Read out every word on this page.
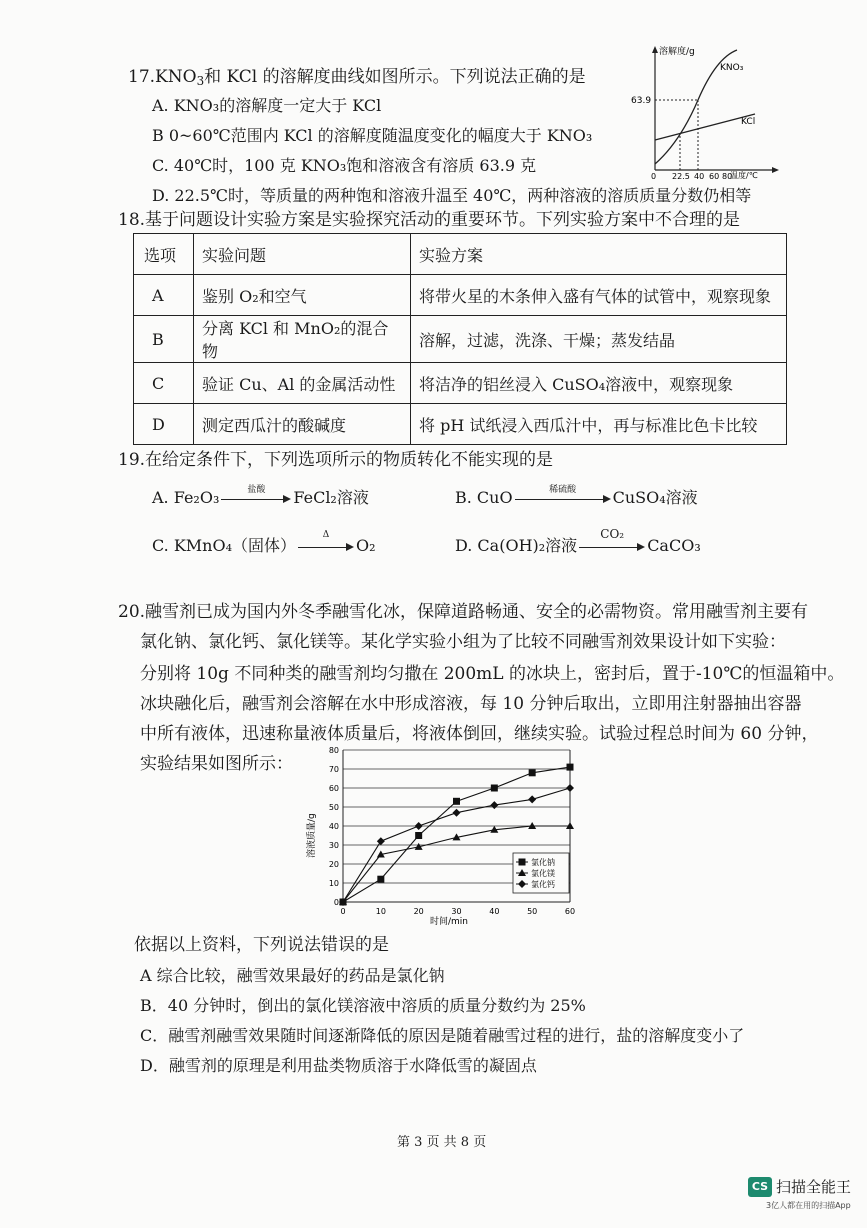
$17.KNO_3$和 KCl 的溶解度曲线如图所示。下列说法正确的是
A. KNO₃的溶解度一定大于 KCl
B 0~60℃范围内 KCl 的溶解度随温度变化的幅度大于 KNO₃
C. 40℃时，100 克 KNO₃饱和溶液含有溶质 63.9 克
D. 22.5℃时，等质量的两种饱和溶液升温至 40℃，两种溶液的溶质质量分数仍相等
溶解度/g
温度/℃
63.9
KNO₃
KCl
0 22.5 40 60 80
18.基于问题设计实验方案是实验探究活动的重要环节。下列实验方案中不合理的是
选项	实验问题	实验方案
A	鉴别 O₂和空气	将带火星的木条伸入盛有气体的试管中，观察现象
B	分离 KCl 和 MnO₂的混合物	溶解，过滤，洗涤、干燥；蒸发结晶
C	验证 Cu、Al 的金属活动性	将洁净的铝丝浸入 CuSO₄溶液中，观察现象
D	测定西瓜汁的酸碱度	将 pH 试纸浸入西瓜汁中，再与标准比色卡比较
19.在给定条件下，下列选项所示的物质转化不能实现的是
A. Fe₂O₃	盐酸	FeCl₂溶液	B. CuO	稀硫酸	CuSO₄溶液
C. KMnO₄（固体）
Δ
O₂	D. Ca(OH)₂溶液
CO₂
CaCO₃
20.融雪剂已成为国内外冬季融雪化冰，保障道路畅通、安全的必需物资。常用融雪剂主要有
氯化钠、氯化钙、氯化镁等。某化学实验小组为了比较不同融雪剂效果设计如下实验：
分别将 10g 不同种类的融雪剂均匀撒在 200mL 的冰块上，密封后，置于-10℃的恒温箱中。
冰块融化后，融雪剂会溶解在水中形成溶液，每 10 分钟后取出，立即用注射器抽出容器
中所有液体，迅速称量液体质量后，将液体倒回，继续实验。试验过程总时间为 60 分钟，
实验结果如图所示：
0
10
20
30
40
50
60
70
80
0	10	20	30	40	50	60
溶液质量/g
时间/min
氯化钠
氯化镁
氯化钙
依据以上资料，下列说法错误的是
A 综合比较，融雪效果最好的药品是氯化钠
B．40 分钟时，倒出的氯化镁溶液中溶质的质量分数约为 25%
C．融雪剂融雪效果随时间逐渐降低的原因是随着融雪过程的进行，盐的溶解度变小了
D．融雪剂的原理是利用盐类物质溶于水降低雪的凝固点
第 3 页 共 8 页
CS 扫描全能王
3亿人都在用的扫描App
